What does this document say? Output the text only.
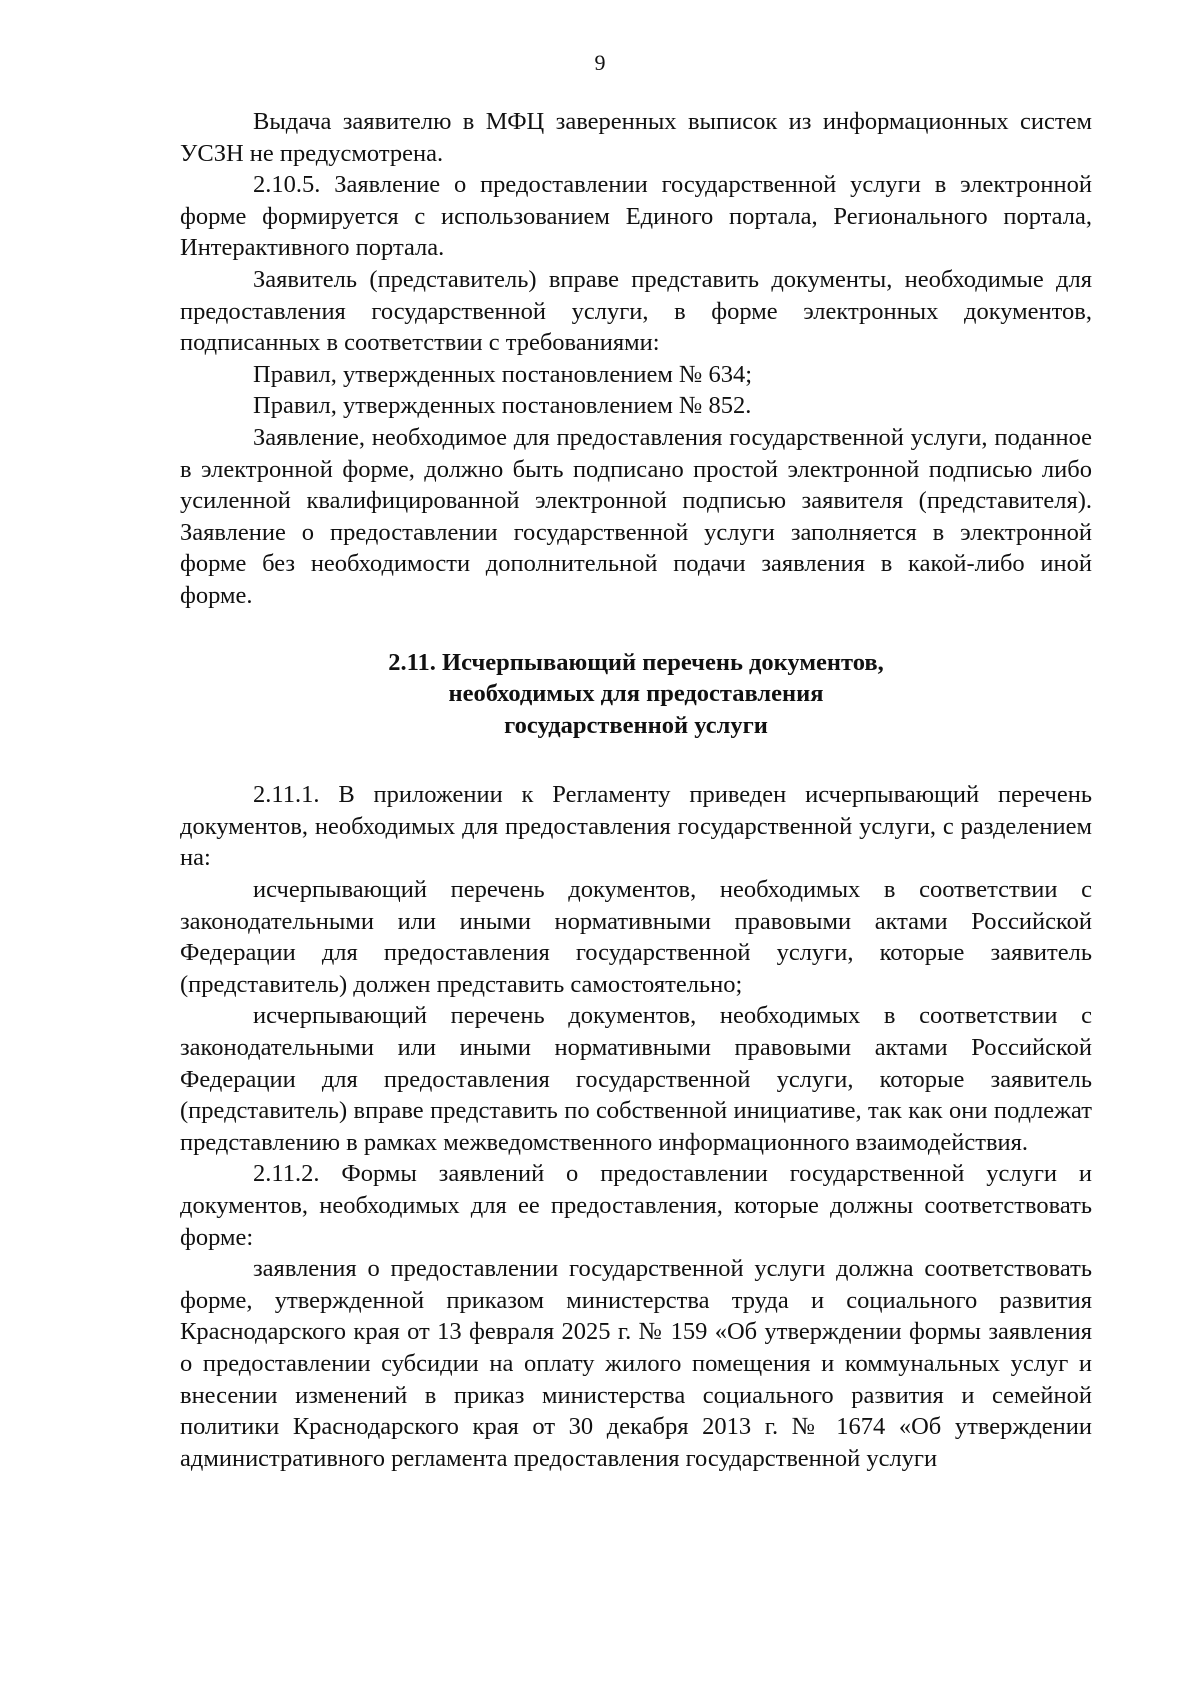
9

Выдача заявителю в МФЦ заверенных выписок из информационных систем УСЗН не предусмотрена.

2.10.5. Заявление о предоставлении государственной услуги в электронной форме формируется с использованием Единого портала, Регионального портала, Интерактивного портала.

Заявитель (представитель) вправе представить документы, необходимые для предоставления государственной услуги, в форме электронных документов, подписанных в соответствии с требованиями:

Правил, утвержденных постановлением № 634;

Правил, утвержденных постановлением № 852.

Заявление, необходимое для предоставления государственной услуги, поданное в электронной форме, должно быть подписано простой электронной подписью либо усиленной квалифицированной электронной подписью заявителя (представителя). Заявление о предоставлении государственной услуги заполняется в электронной форме без необходимости дополнительной подачи заявления в какой-либо иной форме.

2.11. Исчерпывающий перечень документов,
необходимых для предоставления
государственной услуги

2.11.1. В приложении к Регламенту приведен исчерпывающий перечень документов, необходимых для предоставления государственной услуги, с разделением на:

исчерпывающий перечень документов, необходимых в соответствии с законодательными или иными нормативными правовыми актами Российской Федерации для предоставления государственной услуги, которые заявитель (представитель) должен представить самостоятельно;

исчерпывающий перечень документов, необходимых в соответствии с законодательными или иными нормативными правовыми актами Российской Федерации для предоставления государственной услуги, которые заявитель (представитель) вправе представить по собственной инициативе, так как они подлежат представлению в рамках межведомственного информационного взаимодействия.

2.11.2. Формы заявлений о предоставлении государственной услуги и документов, необходимых для ее предоставления, которые должны соответствовать форме:

заявления о предоставлении государственной услуги должна соответствовать форме, утвержденной приказом министерства труда и социального развития Краснодарского края от 13 февраля 2025 г. № 159 «Об утверждении формы заявления о предоставлении субсидии на оплату жилого помещения и коммунальных услуг и внесении изменений в приказ министерства социального развития и семейной политики Краснодарского края от 30 декабря 2013 г. № 1674 «Об утверждении административного регламента предоставления государственной услуги
